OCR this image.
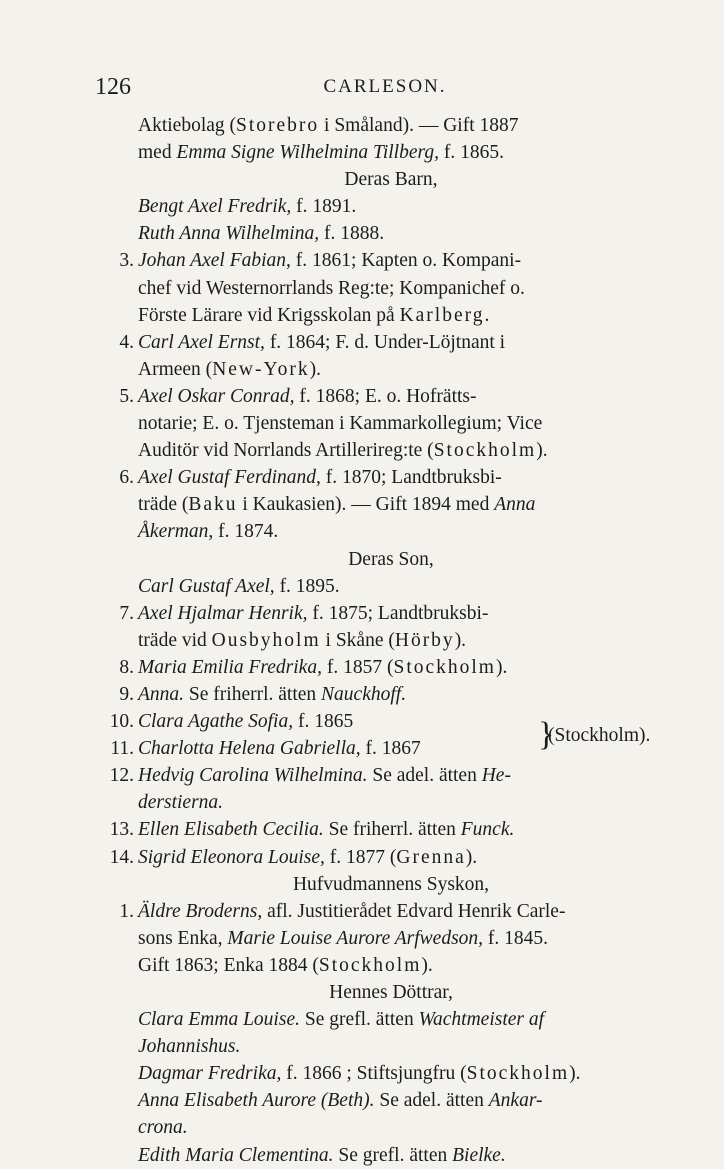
126	CARLESON.
Aktiebolag (Storebro i Småland). — Gift 1887
med Emma Signe Wilhelmina Tillberg, f. 1865.
Deras Barn,
Bengt Axel Fredrik, f. 1891.
Ruth Anna Wilhelmina, f. 1888.
3. Johan Axel Fabian, f. 1861; Kapten o. Kompani-
chef vid Westernorrlands Reg:te; Kompanichef o.
Förste Lärare vid Krigsskolan på Karlberg.
4. Carl Axel Ernst, f. 1864; F. d. Under-Löjtnant i
Armeen (New-York).
5. Axel Oskar Conrad, f. 1868; E. o. Hofrätts-
notarie; E. o. Tjensteman i Kammarkollegium; Vice
Auditör vid Norrlands Artillerireg:te (Stockholm).
6. Axel Gustaf Ferdinand, f. 1870; Landtbruksbi-
träde (Baku i Kaukasien). — Gift 1894 med Anna
Åkerman, f. 1874.
Deras Son,
Carl Gustaf Axel, f. 1895.
7. Axel Hjalmar Henrik, f. 1875; Landtbruksbi-
träde vid Ousbyholm i Skåne (Hörby).
8. Maria Emilia Fredrika, f. 1857 (Stockholm).
9. Anna. Se friherrl. ätten Nauckhoff.
10. Clara Agathe Sofia, f. 1865	}
(Stockholm).
11. Charlotta Helena Gabriella, f. 1867
12. Hedvig Carolina Wilhelmina. Se adel. ätten He-
derstierna.
13. Ellen Elisabeth Cecilia. Se friherrl. ätten Funck.
14. Sigrid Eleonora Louise, f. 1877 (Grenna).
Hufvudmannens Syskon,
1. Äldre Broderns, afl. Justitierådet Edvard Henrik Carle-
sons Enka, Marie Louise Aurore Arfwedson, f. 1845.
Gift 1863; Enka 1884 (Stockholm).
Hennes Döttrar,
Clara Emma Louise. Se grefl. ätten Wachtmeister af
Johannishus.
Dagmar Fredrika, f. 1866 ; Stiftsjungfru (Stockholm).
Anna Elisabeth Aurore (Beth). Se adel. ätten Ankar-
crona.
Edith Maria Clementina. Se grefl. ätten Bielke.
